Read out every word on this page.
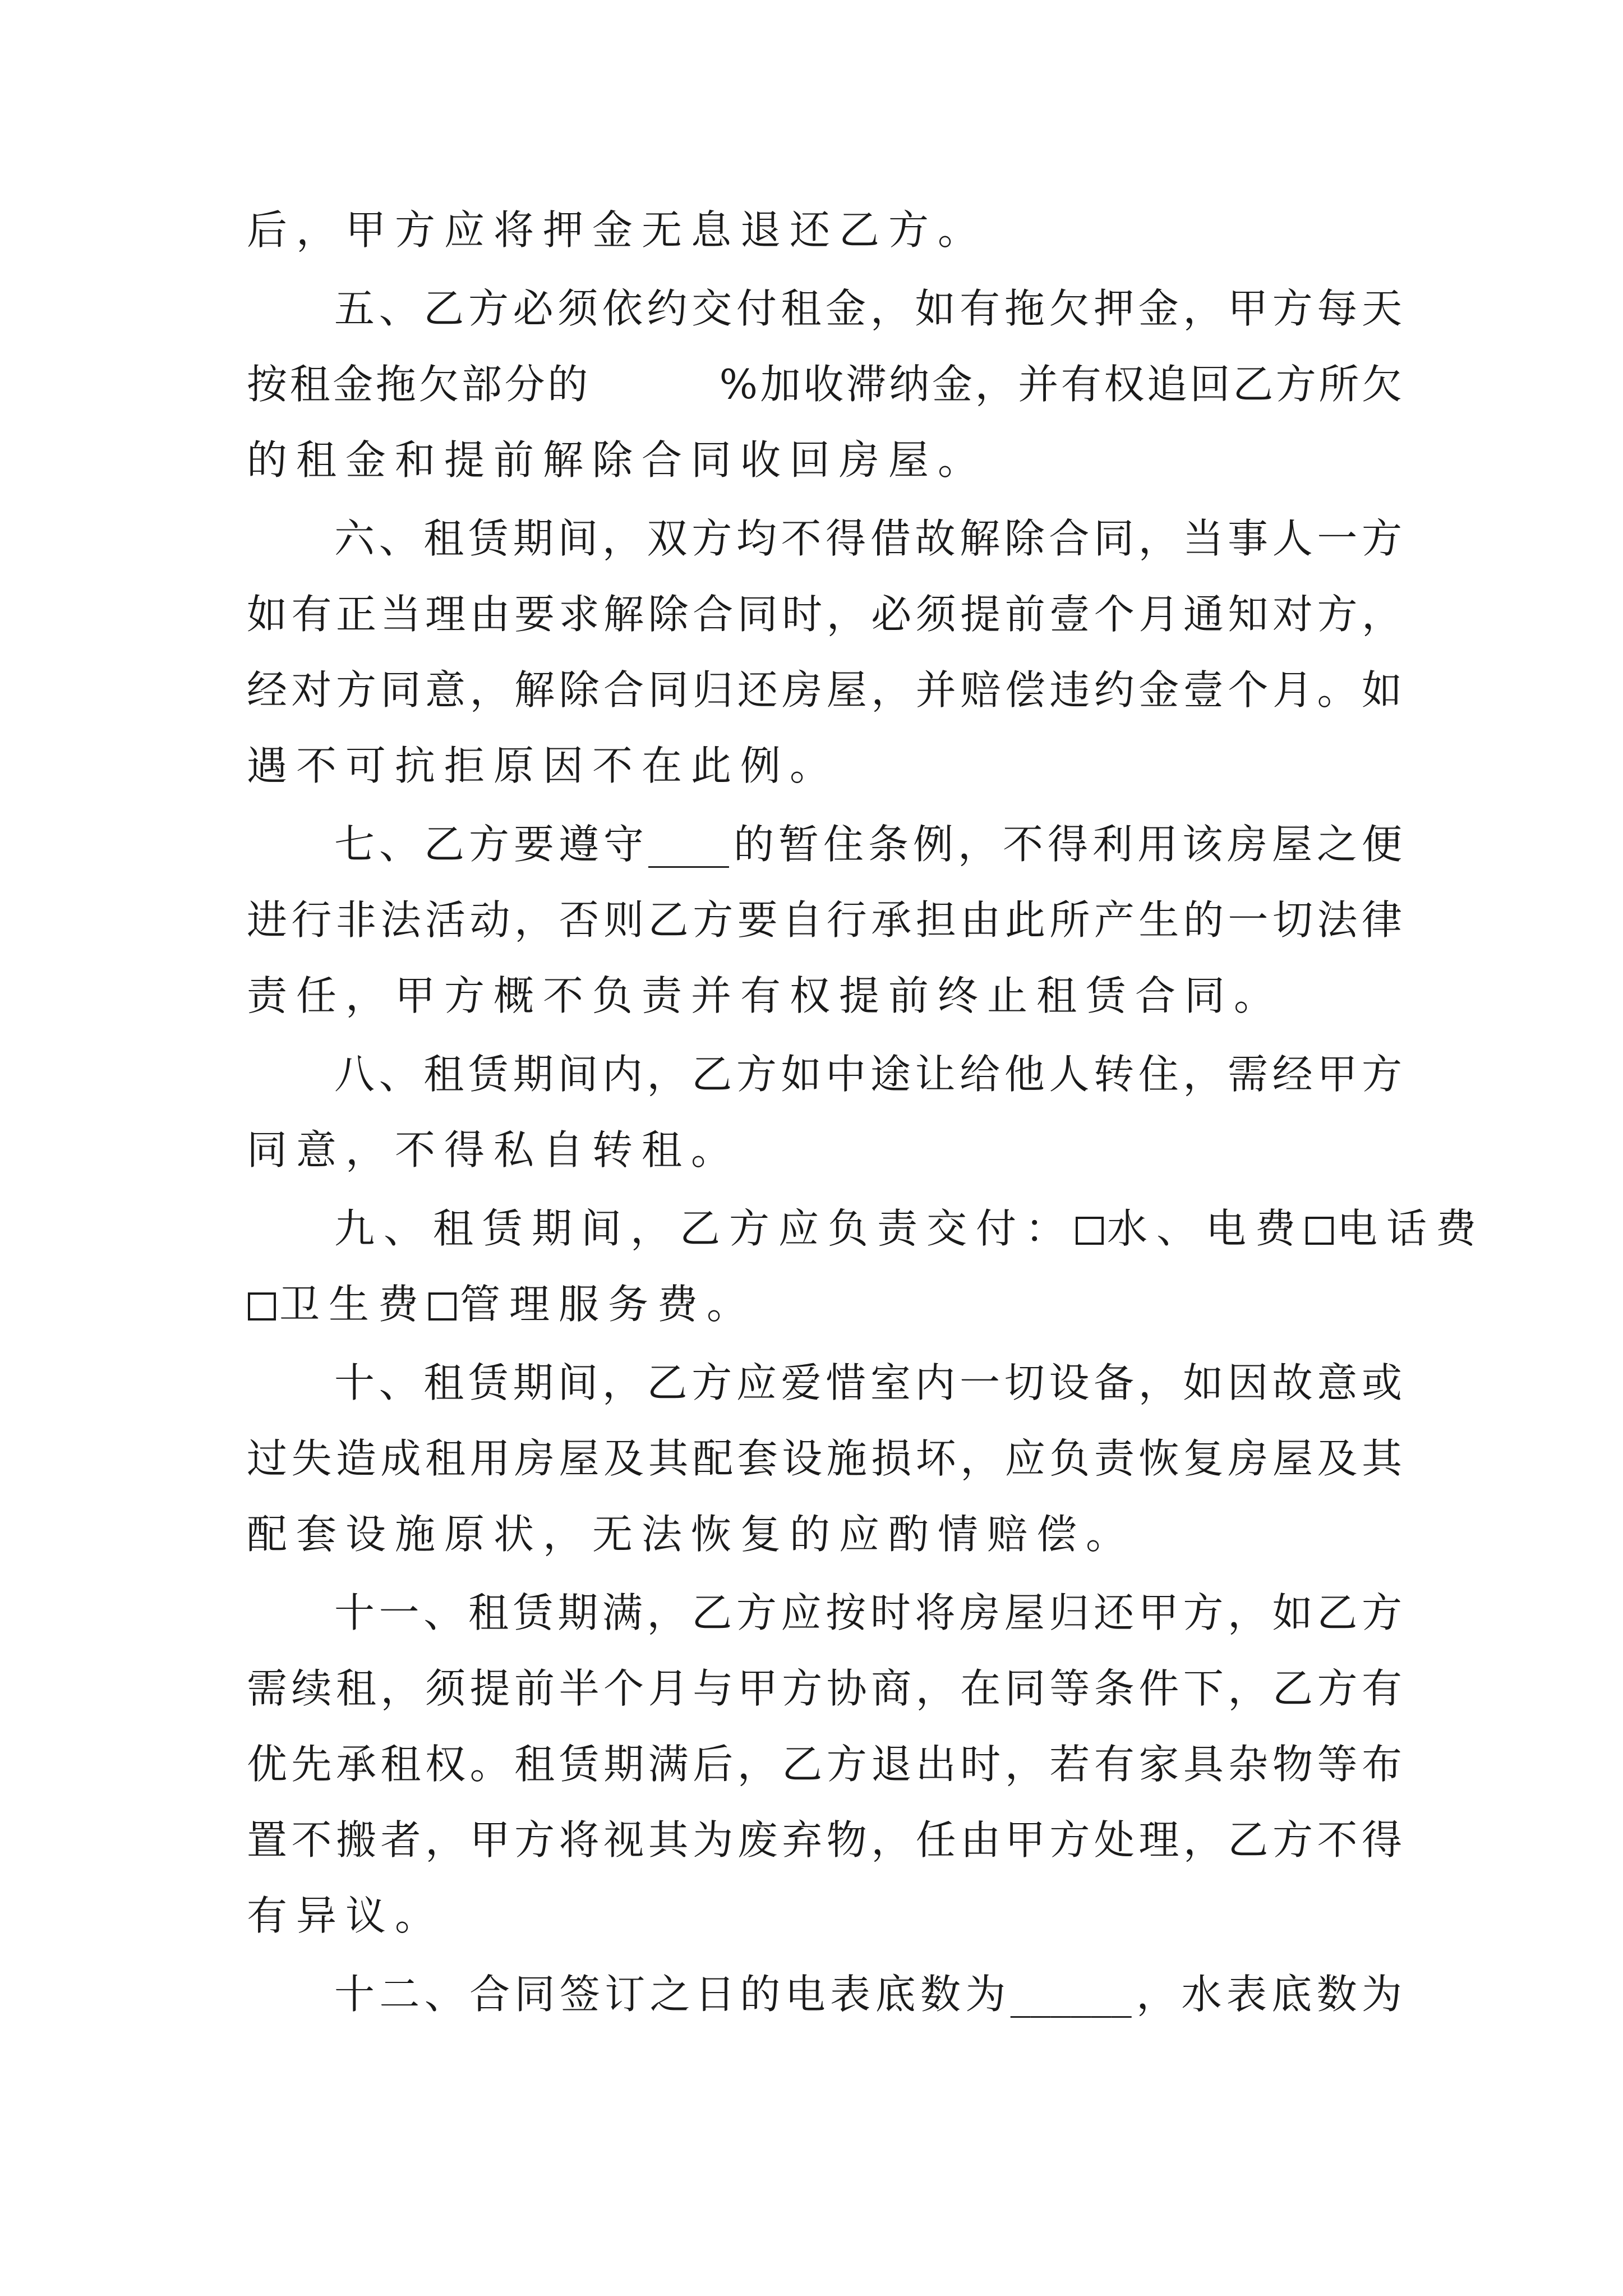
后，甲方应将押金无息退还乙方。
五、乙方必须依约交付租金，如有拖欠押金，甲方每天
按租金拖欠部分的　　　%加收滞纳金，并有权追回乙方所欠
的租金和提前解除合同收回房屋。
六、租赁期间，双方均不得借故解除合同，当事人一方
如有正当理由要求解除合同时，必须提前壹个月通知对方，
经对方同意，解除合同归还房屋，并赔偿违约金壹个月。如
遇不可抗拒原因不在此例。
七、乙方要遵守____的暂住条例，不得利用该房屋之便
进行非法活动，否则乙方要自行承担由此所产生的一切法律
责任，甲方概不负责并有权提前终止租赁合同。
八、租赁期间内，乙方如中途让给他人转住，需经甲方
同意，不得私自转租。
九、租赁期间，乙方应负责交付： 水、电费 电话费
卫生费 管理服务费。
十、租赁期间，乙方应爱惜室内一切设备，如因故意或
过失造成租用房屋及其配套设施损坏，应负责恢复房屋及其
配套设施原状，无法恢复的应酌情赔偿。
十一、租赁期满，乙方应按时将房屋归还甲方，如乙方
需续租，须提前半个月与甲方协商，在同等条件下，乙方有
优先承租权。租赁期满后，乙方退出时，若有家具杂物等布
置不搬者，甲方将视其为废弃物，任由甲方处理，乙方不得
有异议。
十二、合同签订之日的电表底数为______，水表底数为
